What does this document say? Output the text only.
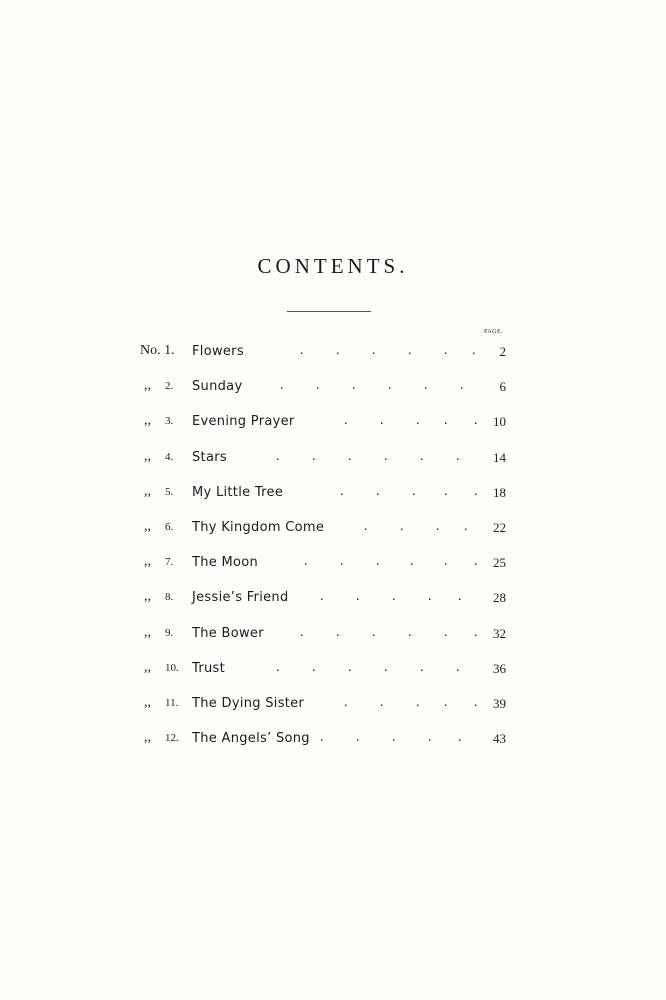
CONTENTS.
PAGE.
No. 1. Flowers	. . . . . . 2
,, 2. Sunday	. . . . . .	6
,, 3. Evening Prayer	. . . . . 10
,, 4. Stars	. . . . . .	14
,, 5. My Little Tree	. . . . . 18
,, 6. Thy Kingdom Come	. . . . 22
,, 7. The Moon	. . . . . . 25
,, 8. Jessie’s Friend . . . . . 28
,, 9. The Bower	. . . . . . 32
,, 10. Trust	. . . . . .	36
,, 11. The Dying Sister	. . . . . 39
,, 12. The Angels’ Song . . . . . 43
